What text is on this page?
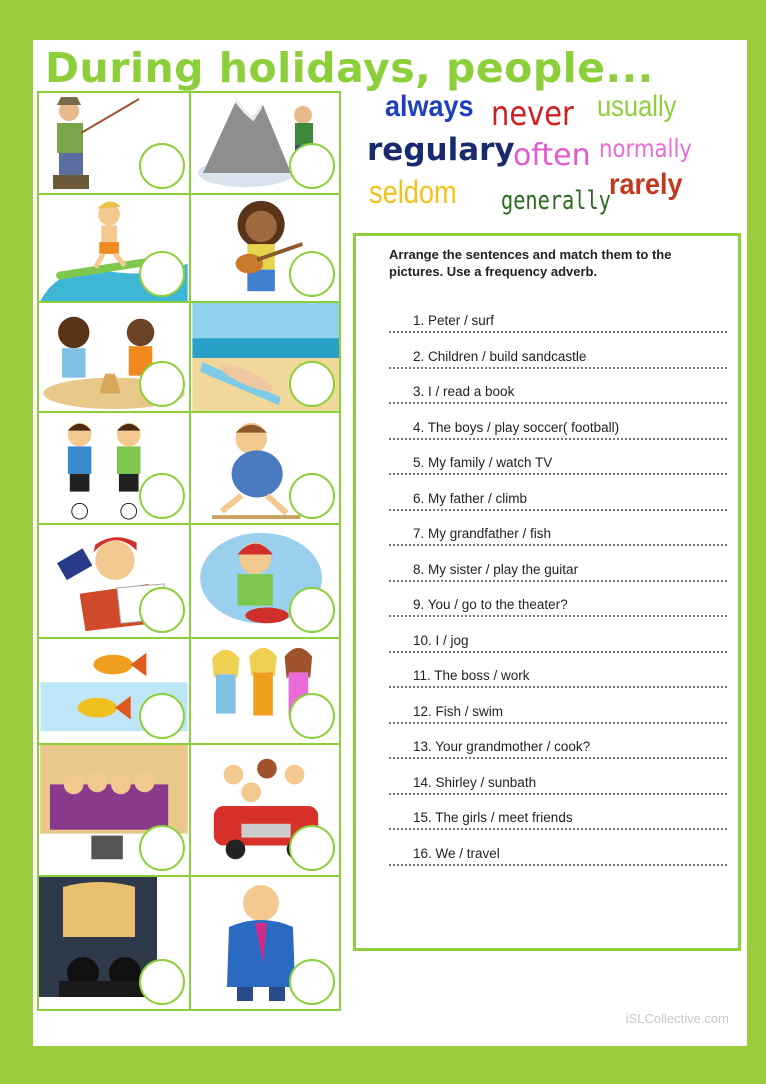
During holidays, people...
always never usually
regulary
often normally
seldom generally
rarely
Arrange the sentences and match them to the pictures. Use a frequency adverb.
1. Peter / surf
2. Children / build sandcastle
3. I / read a book
4. The boys / play soccer( football)
5. My family / watch TV
6. My father / climb
7. My grandfather / fish
8. My sister / play the guitar
9. You / go to the theater?
10. I / jog
11. The boss / work
12. Fish / swim
13. Your grandmother / cook?
14. Shirley / sunbath
15. The girls / meet friends
16. We / travel
iSLCollective.com
